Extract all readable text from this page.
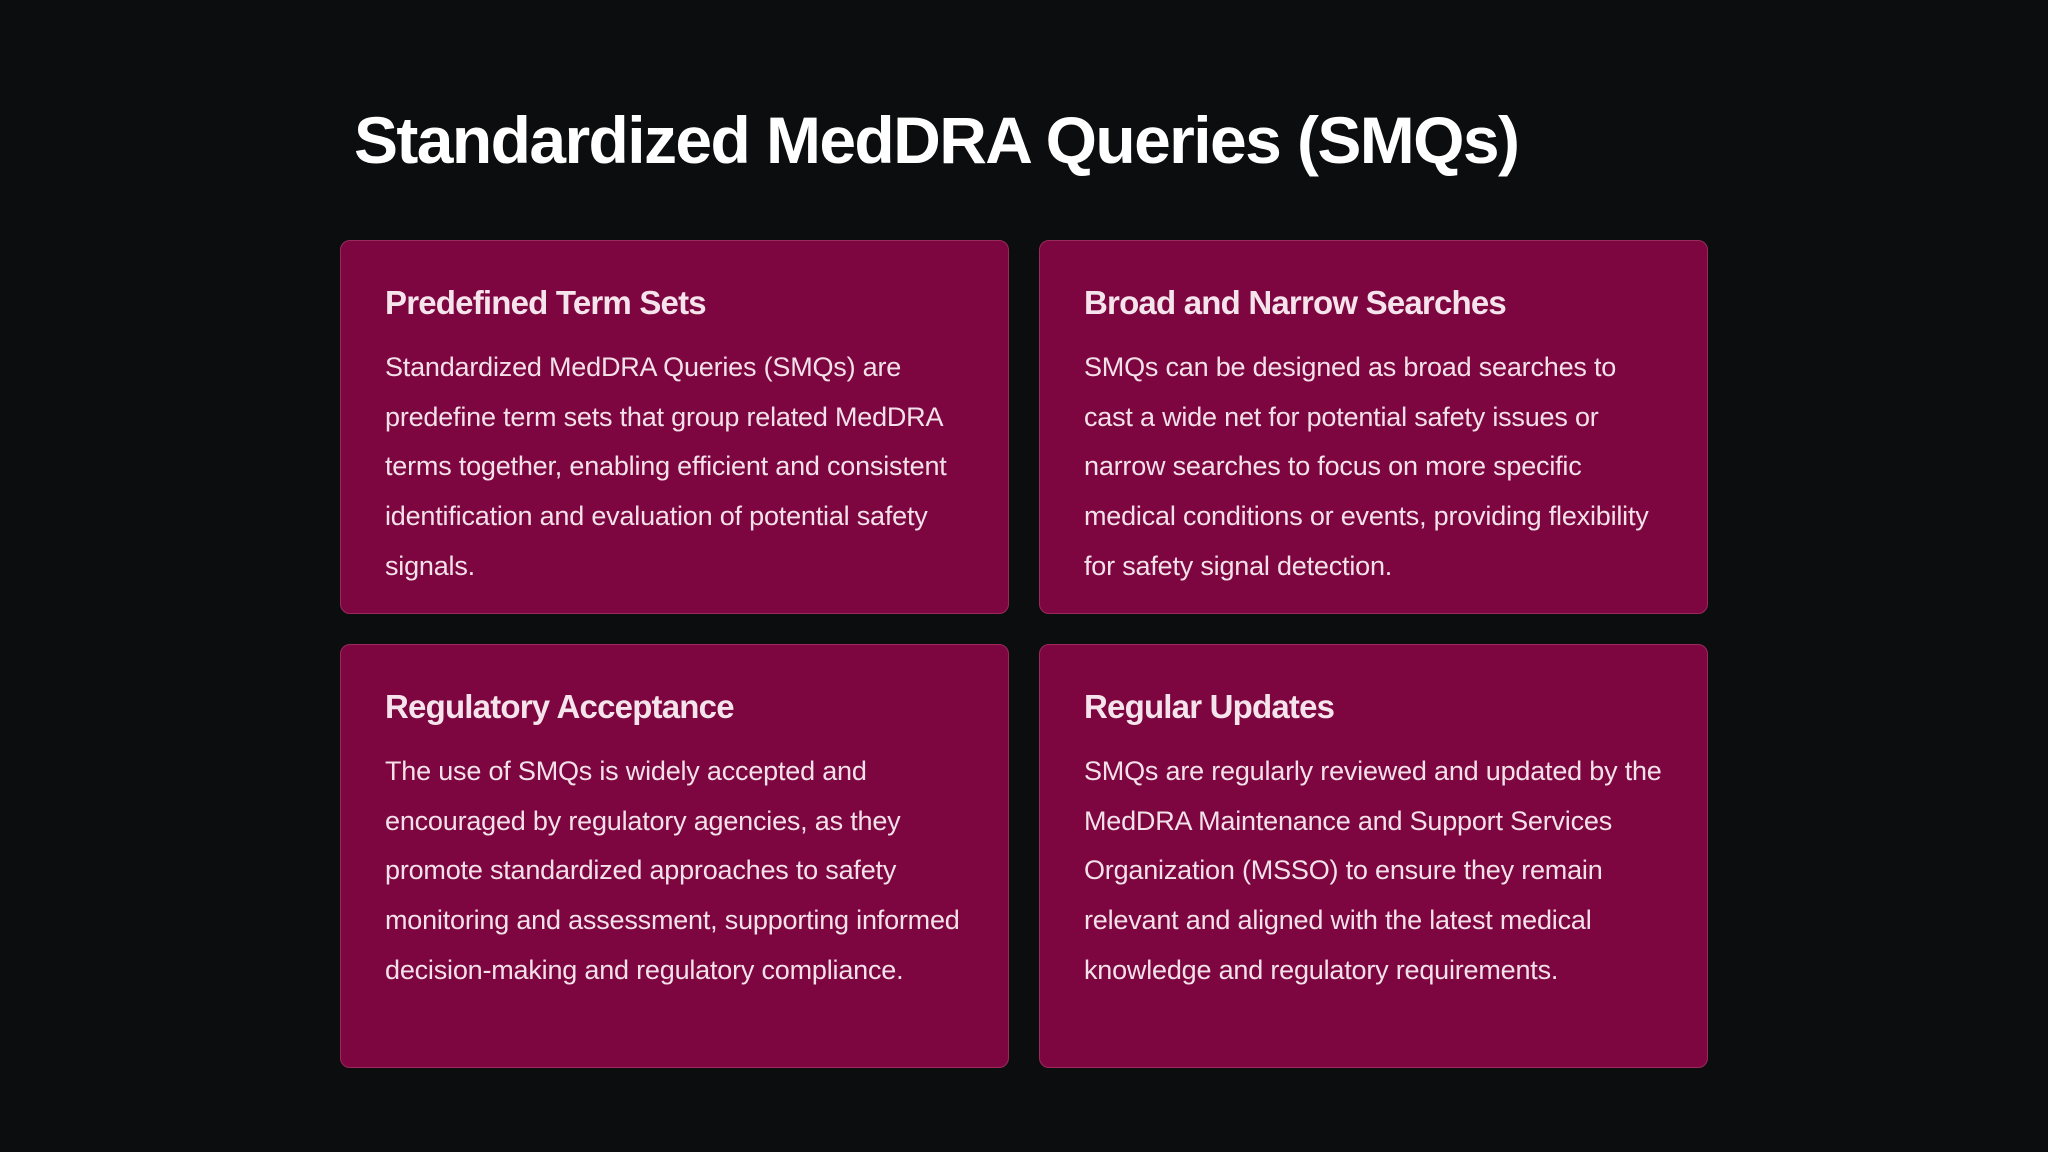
Standardized MedDRA Queries (SMQs)
Predefined Term Sets

Standardized MedDRA Queries (SMQs) are predefine term sets that group related MedDRA terms together, enabling efficient and consistent identification and evaluation of potential safety signals.

Broad and Narrow Searches

SMQs can be designed as broad searches to cast a wide net for potential safety issues or narrow searches to focus on more specific medical conditions or events, providing flexibility for safety signal detection.

Regulatory Acceptance

The use of SMQs is widely accepted and encouraged by regulatory agencies, as they promote standardized approaches to safety monitoring and assessment, supporting informed decision-making and regulatory compliance.

Regular Updates

SMQs are regularly reviewed and updated by the MedDRA Maintenance and Support Services Organization (MSSO) to ensure they remain relevant and aligned with the latest medical knowledge and regulatory requirements.
